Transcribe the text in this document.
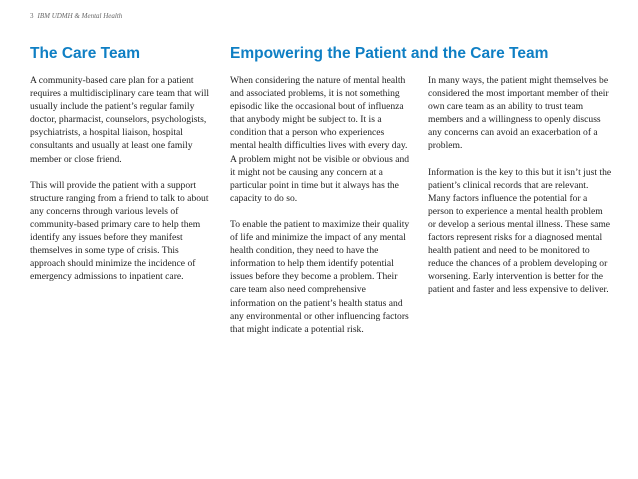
3 IBM UDMH & Mental Health
The Care Team	Empowering the Patient and the Care Team

A community-based care plan for a patient requires a multidisciplinary care team that will usually include the patient’s regular family doctor, pharmacist, counselors, psychologists, psychiatrists, a hospital liaison, hospital consultants and usually at least one family member or close friend.

This will provide the patient with a support structure ranging from a friend to talk to about any concerns through various levels of community-based primary care to help them identify any issues before they manifest themselves in some type of crisis. This approach should minimize the incidence of emergency admissions to inpatient care.

When considering the nature of mental health and associated problems, it is not something episodic like the occasional bout of influenza that anybody might be subject to. It is a condition that a person who experiences mental health difficulties lives with every day. A problem might not be visible or obvious and it might not be causing any concern at a particular point in time but it always has the capacity to do so.

To enable the patient to maximize their quality of life and minimize the impact of any mental health condition, they need to have the information to help them identify potential issues before they become a problem. Their care team also need comprehensive information on the patient’s health status and any environmental or other influencing factors that might indicate a potential risk.

In many ways, the patient might themselves be considered the most important member of their own care team as an ability to trust team members and a willingness to openly discuss any concerns can avoid an exacerbation of a problem.

Information is the key to this but it isn’t just the patient’s clinical records that are relevant. Many factors influence the potential for a person to experience a mental health problem or develop a serious mental illness. These same factors represent risks for a diagnosed mental health patient and need to be monitored to reduce the chances of a problem developing or worsening. Early intervention is better for the patient and faster and less expensive to deliver.
